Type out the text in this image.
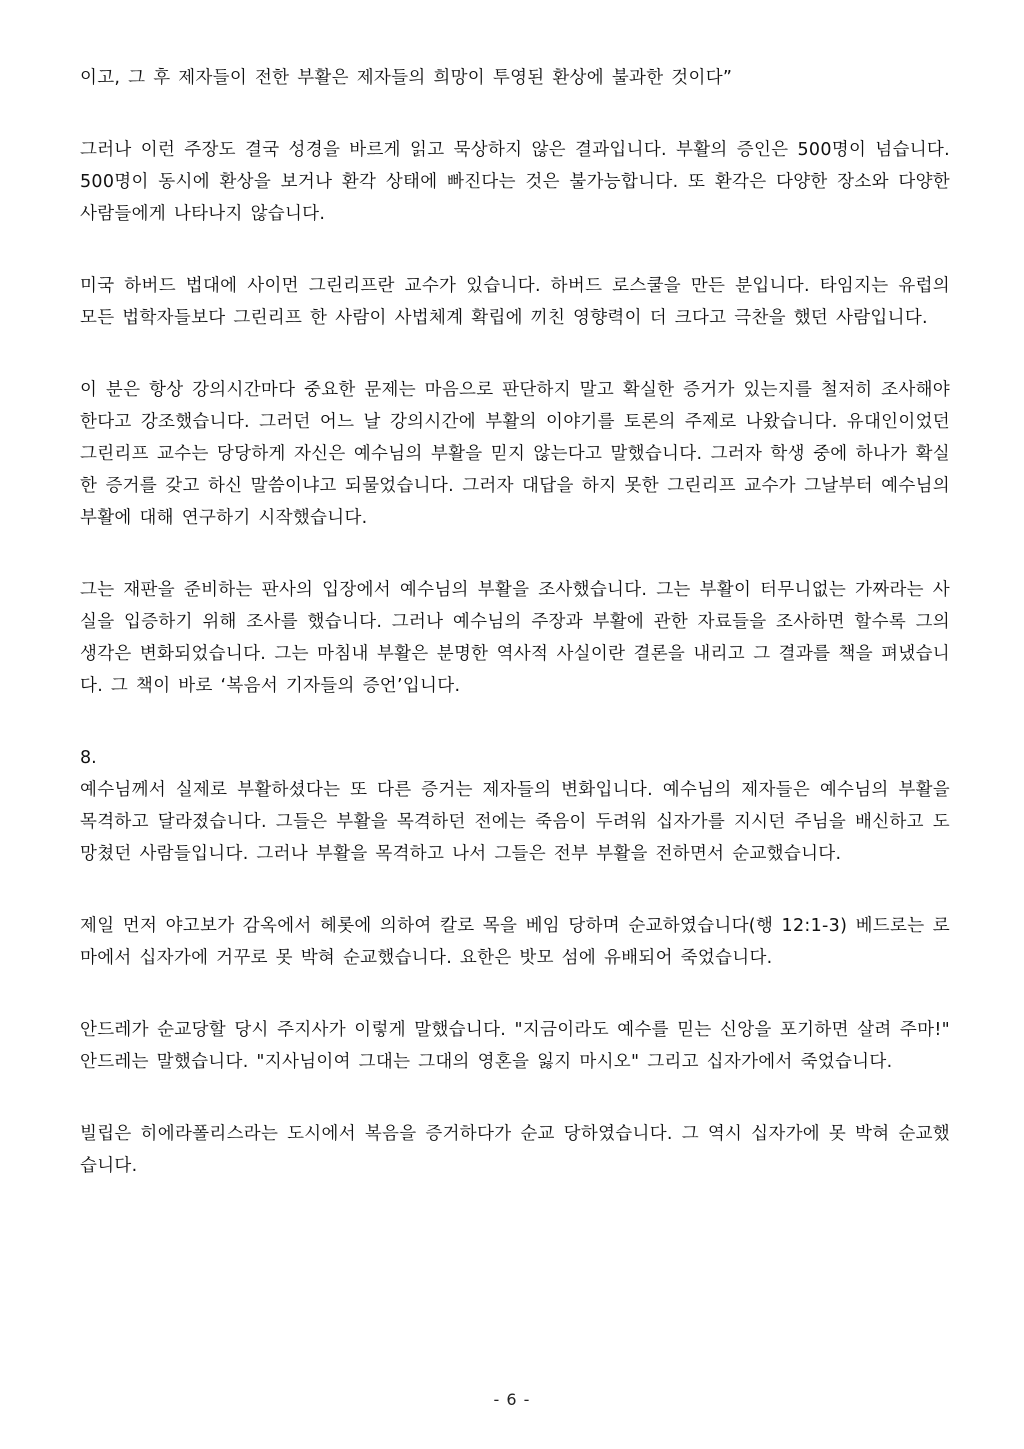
이고, 그 후 제자들이 전한 부활은 제자들의 희망이 투영된 환상에 불과한 것이다”

그러나 이런 주장도 결국 성경을 바르게 읽고 묵상하지 않은 결과입니다. 부활의 증인은 500명이 넘습니다. 500명이 동시에 환상을 보거나 환각 상태에 빠진다는 것은 불가능합니다. 또 환각은 다양한 장소와 다양한 사람들에게 나타나지 않습니다.

미국 하버드 법대에 사이먼 그린리프란 교수가 있습니다. 하버드 로스쿨을 만든 분입니다. 타임지는 유럽의 모든 법학자들보다 그린리프 한 사람이 사법체계 확립에 끼친 영향력이 더 크다고 극찬을 했던 사람입니다.

이 분은 항상 강의시간마다 중요한 문제는 마음으로 판단하지 말고 확실한 증거가 있는지를 철저히 조사해야 한다고 강조했습니다. 그러던 어느 날 강의시간에 부활의 이야기를 토론의 주제로 나왔습니다. 유대인이었던 그린리프 교수는 당당하게 자신은 예수님의 부활을 믿지 않는다고 말했습니다. 그러자 학생 중에 하나가 확실한 증거를 갖고 하신 말씀이냐고 되물었습니다. 그러자 대답을 하지 못한 그린리프 교수가 그날부터 예수님의 부활에 대해 연구하기 시작했습니다.

그는 재판을 준비하는 판사의 입장에서 예수님의 부활을 조사했습니다. 그는 부활이 터무니없는 가짜라는 사실을 입증하기 위해 조사를 했습니다. 그러나 예수님의 주장과 부활에 관한 자료들을 조사하면 할수록 그의 생각은 변화되었습니다. 그는 마침내 부활은 분명한 역사적 사실이란 결론을 내리고 그 결과를 책을 펴냈습니다. 그 책이 바로 ‘복음서 기자들의 증언’입니다.

8.

예수님께서 실제로 부활하셨다는 또 다른 증거는 제자들의 변화입니다. 예수님의 제자들은 예수님의 부활을 목격하고 달라졌습니다. 그들은 부활을 목격하던 전에는 죽음이 두려워 십자가를 지시던 주님을 배신하고 도망쳤던 사람들입니다. 그러나 부활을 목격하고 나서 그들은 전부 부활을 전하면서 순교했습니다.

제일 먼저 야고보가 감옥에서 헤롯에 의하여 칼로 목을 베임 당하며 순교하였습니다(행 12:1-3) 베드로는 로마에서 십자가에 거꾸로 못 박혀 순교했습니다. 요한은 밧모 섬에 유배되어 죽었습니다.

안드레가 순교당할 당시 주지사가 이렇게 말했습니다. "지금이라도 예수를 믿는 신앙을 포기하면 살려 주마!" 안드레는 말했습니다. "지사님이여 그대는 그대의 영혼을 잃지 마시오" 그리고 십자가에서 죽었습니다.

빌립은 히에라폴리스라는 도시에서 복음을 증거하다가 순교 당하였습니다. 그 역시 십자가에 못 박혀 순교했습니다.

- 6 -
